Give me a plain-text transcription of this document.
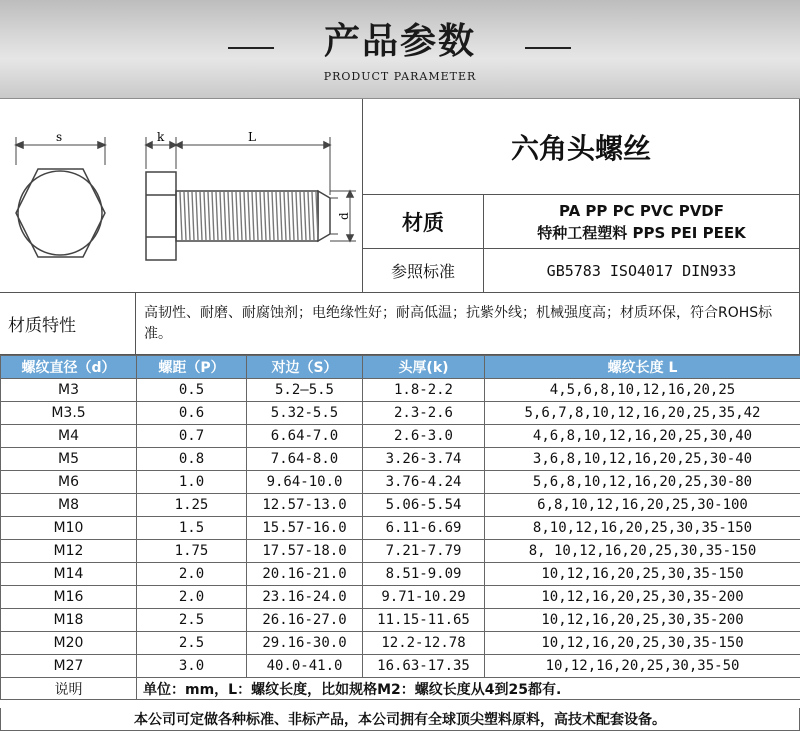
产品参数
PRODUCT PARAMETER
s	k	L
d
六角头螺丝
材质	PA PP PC PVC PVDF
特种工程塑料 PPS PEI PEEK
参照标准	GB5783 ISO4017 DIN933
材质特性
高韧性、耐磨、耐腐蚀剂；电绝缘性好；耐高低温；抗紫外线；机械强度高；材质环保，符合ROHS标准。
螺纹直径（d）	螺距（P）	对边（S）	头厚(k)	螺纹长度 L
M3	0.5	5.2—5.5	1.8-2.2	4,5,6,8,10,12,16,20,25
M3.5	0.6	5.32-5.5	2.3-2.6	5,6,7,8,10,12,16,20,25,35,42
M4	0.7	6.64-7.0	2.6-3.0	4,6,8,10,12,16,20,25,30,40
M5	0.8	7.64-8.0	3.26-3.74	3,6,8,10,12,16,20,25,30-40
M6	1.0	9.64-10.0	3.76-4.24	5,6,8,10,12,16,20,25,30-80
M8	1.25	12.57-13.0	5.06-5.54	6,8,10,12,16,20,25,30-100
M10	1.5	15.57-16.0	6.11-6.69	8,10,12,16,20,25,30,35-150
M12	1.75	17.57-18.0	7.21-7.79	8, 10,12,16,20,25,30,35-150
M14	2.0	20.16-21.0	8.51-9.09	10,12,16,20,25,30,35-150
M16	2.0	23.16-24.0	9.71-10.29	10,12,16,20,25,30,35-200
M18	2.5	26.16-27.0	11.15-11.65	10,12,16,20,25,30,35-200
M20	2.5	29.16-30.0	12.2-12.78	10,12,16,20,25,30,35-150
M27	3.0	40.0-41.0	16.63-17.35	10,12,16,20,25,30,35-50
说明	单位：mm，L：螺纹长度，比如规格M2：螺纹长度从4到25都有.			
本公司可定做各种标准、非标产品，本公司拥有全球顶尖塑料原料，高技术配套设备。
